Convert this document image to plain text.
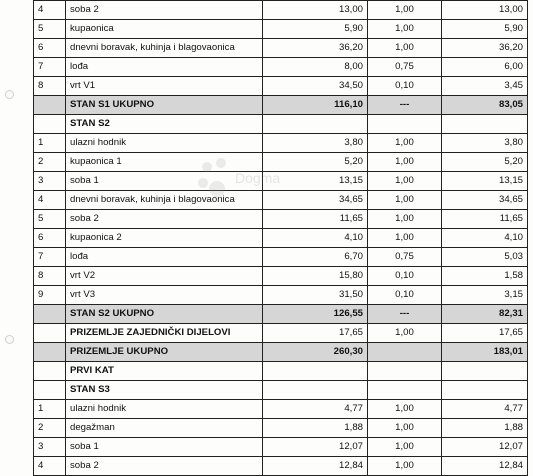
4	soba 2	13,00	1,00	13,00
5	kupaonica	5,90	1,00	5,90
6	dnevni boravak, kuhinja i blagovaonica	36,20	1,00	36,20
7	lođa	8,00	0,75	6,00
8	vrt V1	34,50	0,10	3,45
	STAN S1 UKUPNO	116,10	---	83,05
	STAN S2			
1	ulazni hodnik	3,80	1,00	3,80
2	kupaonica 1	5,20	1,00	5,20
3	soba 1	13,15	1,00	13,15
4	dnevni boravak, kuhinja i blagovaonica	34,65	1,00	34,65
5	soba 2	11,65	1,00	11,65
6	kupaonica 2	4,10	1,00	4,10
7	lođa	6,70	0,75	5,03
8	vrt V2	15,80	0,10	1,58
9	vrt V3	31,50	0,10	3,15
	STAN S2 UKUPNO	126,55	---	82,31
	PRIZEMLJE ZAJEDNIČKI DIJELOVI	17,65	1,00	17,65
	PRIZEMLJE UKUPNO	260,30		183,01
	PRVI KAT			
	STAN S3			
1	ulazni hodnik	4,77	1,00	4,77
2	degažman	1,88	1,00	1,88
3	soba 1	12,07	1,00	12,07
4	soba 2	12,84	1,00	12,84
Dogma
